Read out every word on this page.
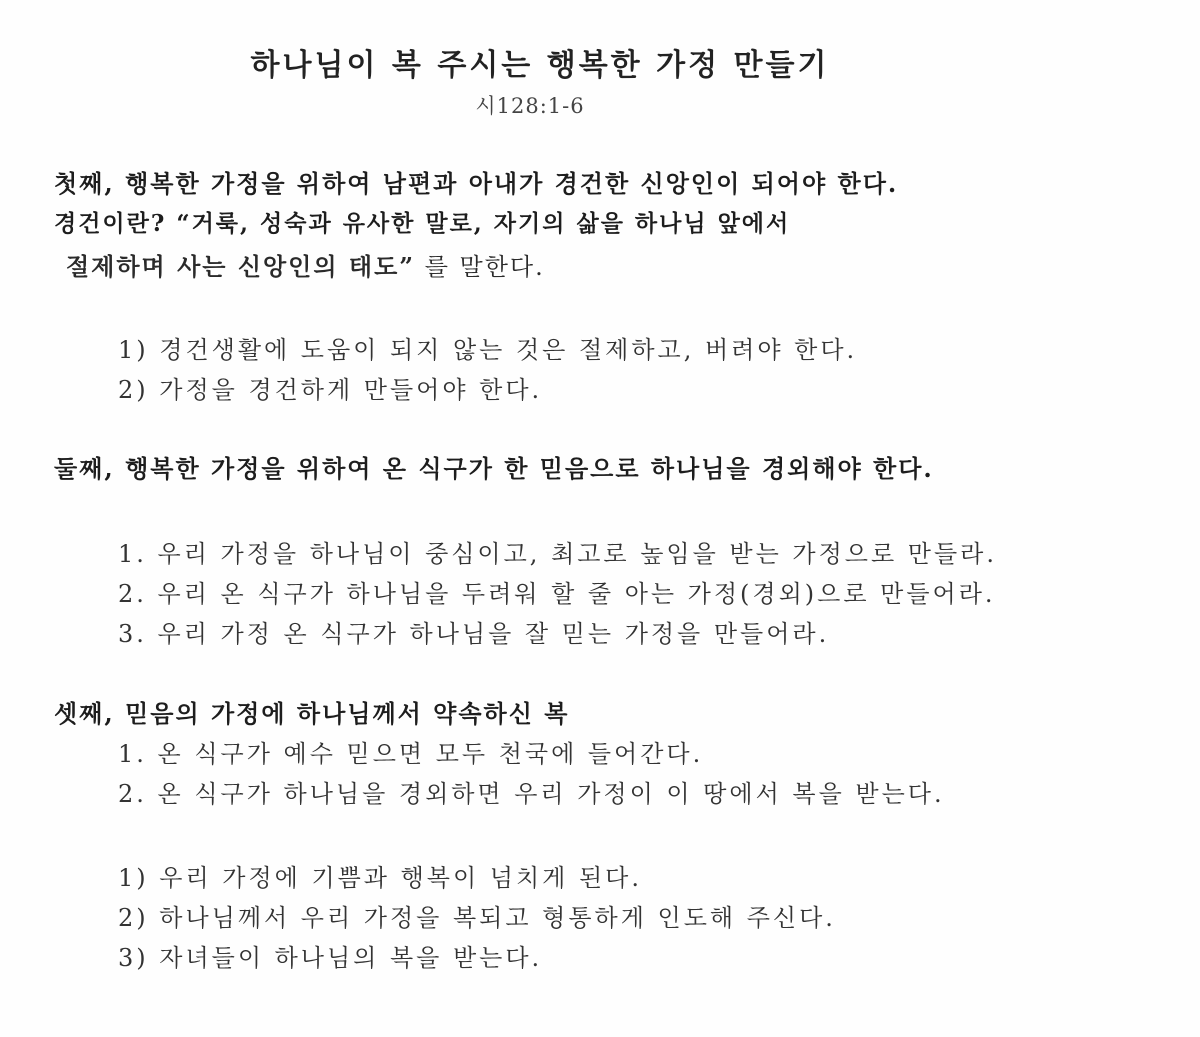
하나님이 복 주시는 행복한 가정 만들기
시128:1-6
첫째, 행복한 가정을 위하여 남편과 아내가 경건한 신앙인이 되어야 한다.
경건이란? “거룩, 성숙과 유사한 말로, 자기의 삶을 하나님 앞에서
절제하며 사는 신앙인의 태도” 를 말한다.
1) 경건생활에 도움이 되지 않는 것은 절제하고, 버려야 한다.
2) 가정을 경건하게 만들어야 한다.
둘째, 행복한 가정을 위하여 온 식구가 한 믿음으로 하나님을 경외해야 한다.
1. 우리 가정을 하나님이 중심이고, 최고로 높임을 받는 가정으로 만들라.
2. 우리 온 식구가 하나님을 두려워 할 줄 아는 가정(경외)으로 만들어라.
3. 우리 가정 온 식구가 하나님을 잘 믿는 가정을 만들어라.
셋째, 믿음의 가정에 하나님께서 약속하신 복
1. 온 식구가 예수 믿으면 모두 천국에 들어간다.
2. 온 식구가 하나님을 경외하면 우리 가정이 이 땅에서 복을 받는다.
1) 우리 가정에 기쁨과 행복이 넘치게 된다.
2) 하나님께서 우리 가정을 복되고 형통하게 인도해 주신다.
3) 자녀들이 하나님의 복을 받는다.
